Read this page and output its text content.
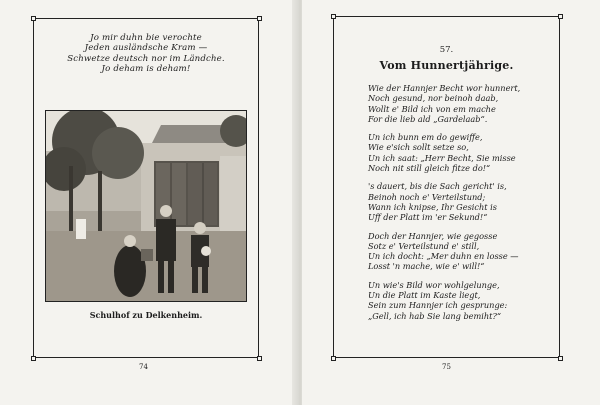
Jo mir duhn bie verochte
Jeden ausländsche Kram —
Schwetze deutsch nor im Ländche.
Jo deham is deham!
Schulhof zu Delkenheim.
74
57.
Vom Hunnertjährige.
Wie der Hannjer Becht wor hunnert,
Noch gesund, nor beinoh daab,
Wollt e' Bild ich von em mache
For die lieb ald „Gardelaab“.
Un ich bunn em do gewiffe,
Wie e'sich sollt setze so,
Un ich saat: „Herr Becht, Sie misse
Noch nit still gleich fitze do!“
's dauert, bis die Sach gericht' is,
Beinoh noch e' Verteilstund;
Wann ich knipse, Ihr Gesicht is
Uff der Platt im 'er Sekund!“
Doch der Hannjer, wie gegosse
Sotz e' Verteilstund e' still,
Un ich docht: „Mer duhn en losse —
Losst 'n mache, wie e' will!“
Un wie's Bild wor wohlgelunge,
Un die Platt im Kaste liegt,
Sein zum Hannjer ich gesprunge:
„Gell, ich hab Sie lang bemiht?“
75
